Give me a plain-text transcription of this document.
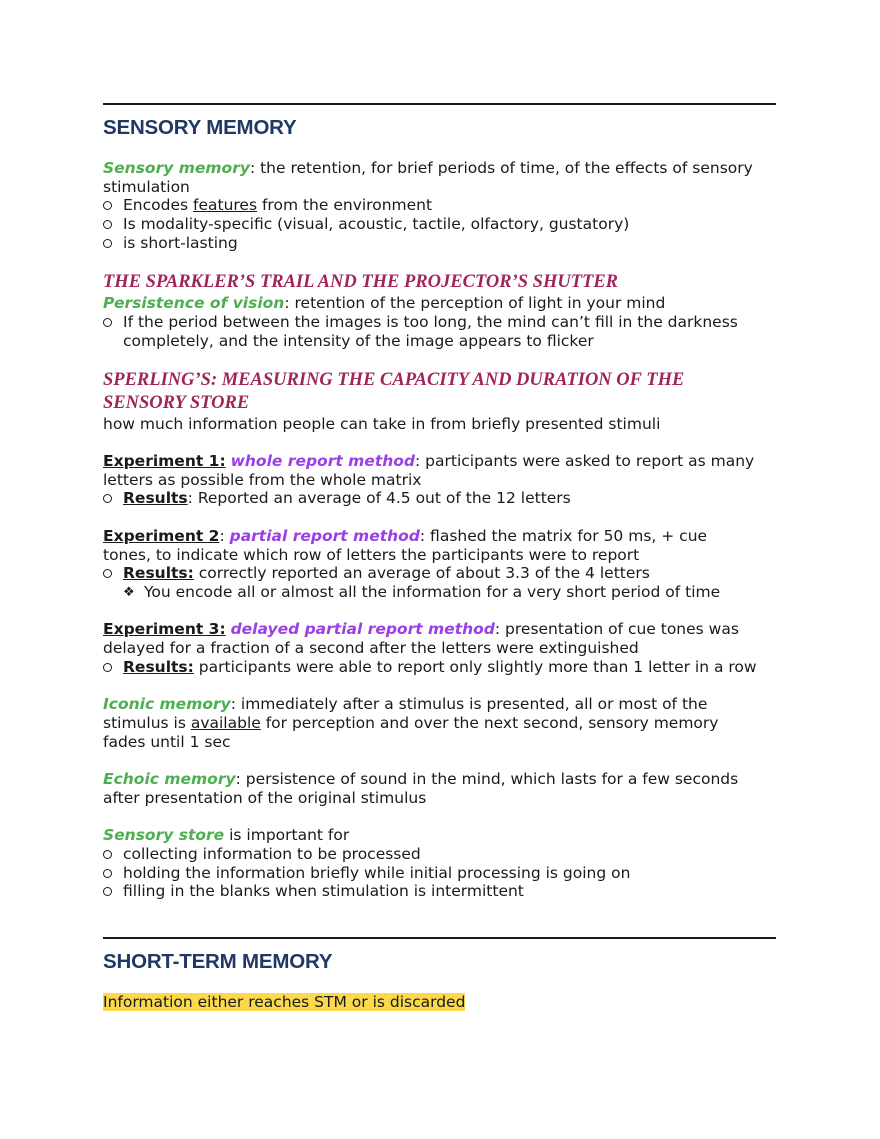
SENSORY MEMORY
Sensory memory: the retention, for brief periods of time, of the effects of sensory
stimulation
Encodes features from the environment
Is modality-specific (visual, acoustic, tactile, olfactory, gustatory)
is short-lasting
THE SPARKLER’S TRAIL AND THE PROJECTOR’S SHUTTER
Persistence of vision: retention of the perception of light in your mind
If the period between the images is too long, the mind can’t fill in the darkness
completely, and the intensity of the image appears to flicker
SPERLING’S: MEASURING THE CAPACITY AND DURATION OF THE
SENSORY STORE
how much information people can take in from briefly presented stimuli
Experiment 1: whole report method: participants were asked to report as many
letters as possible from the whole matrix
Results: Reported an average of 4.5 out of the 12 letters
Experiment 2: partial report method: flashed the matrix for 50 ms, + cue
tones, to indicate which row of letters the participants were to report
Results: correctly reported an average of about 3.3 of the 4 letters
❖ You encode all or almost all the information for a very short period of time
Experiment 3: delayed partial report method: presentation of cue tones was
delayed for a fraction of a second after the letters were extinguished
Results: participants were able to report only slightly more than 1 letter in a row
Iconic memory: immediately after a stimulus is presented, all or most of the
stimulus is available for perception and over the next second, sensory memory
fades until 1 sec
Echoic memory: persistence of sound in the mind, which lasts for a few seconds
after presentation of the original stimulus
Sensory store is important for
collecting information to be processed
holding the information briefly while initial processing is going on
filling in the blanks when stimulation is intermittent
SHORT-TERM MEMORY
Information either reaches STM or is discarded
